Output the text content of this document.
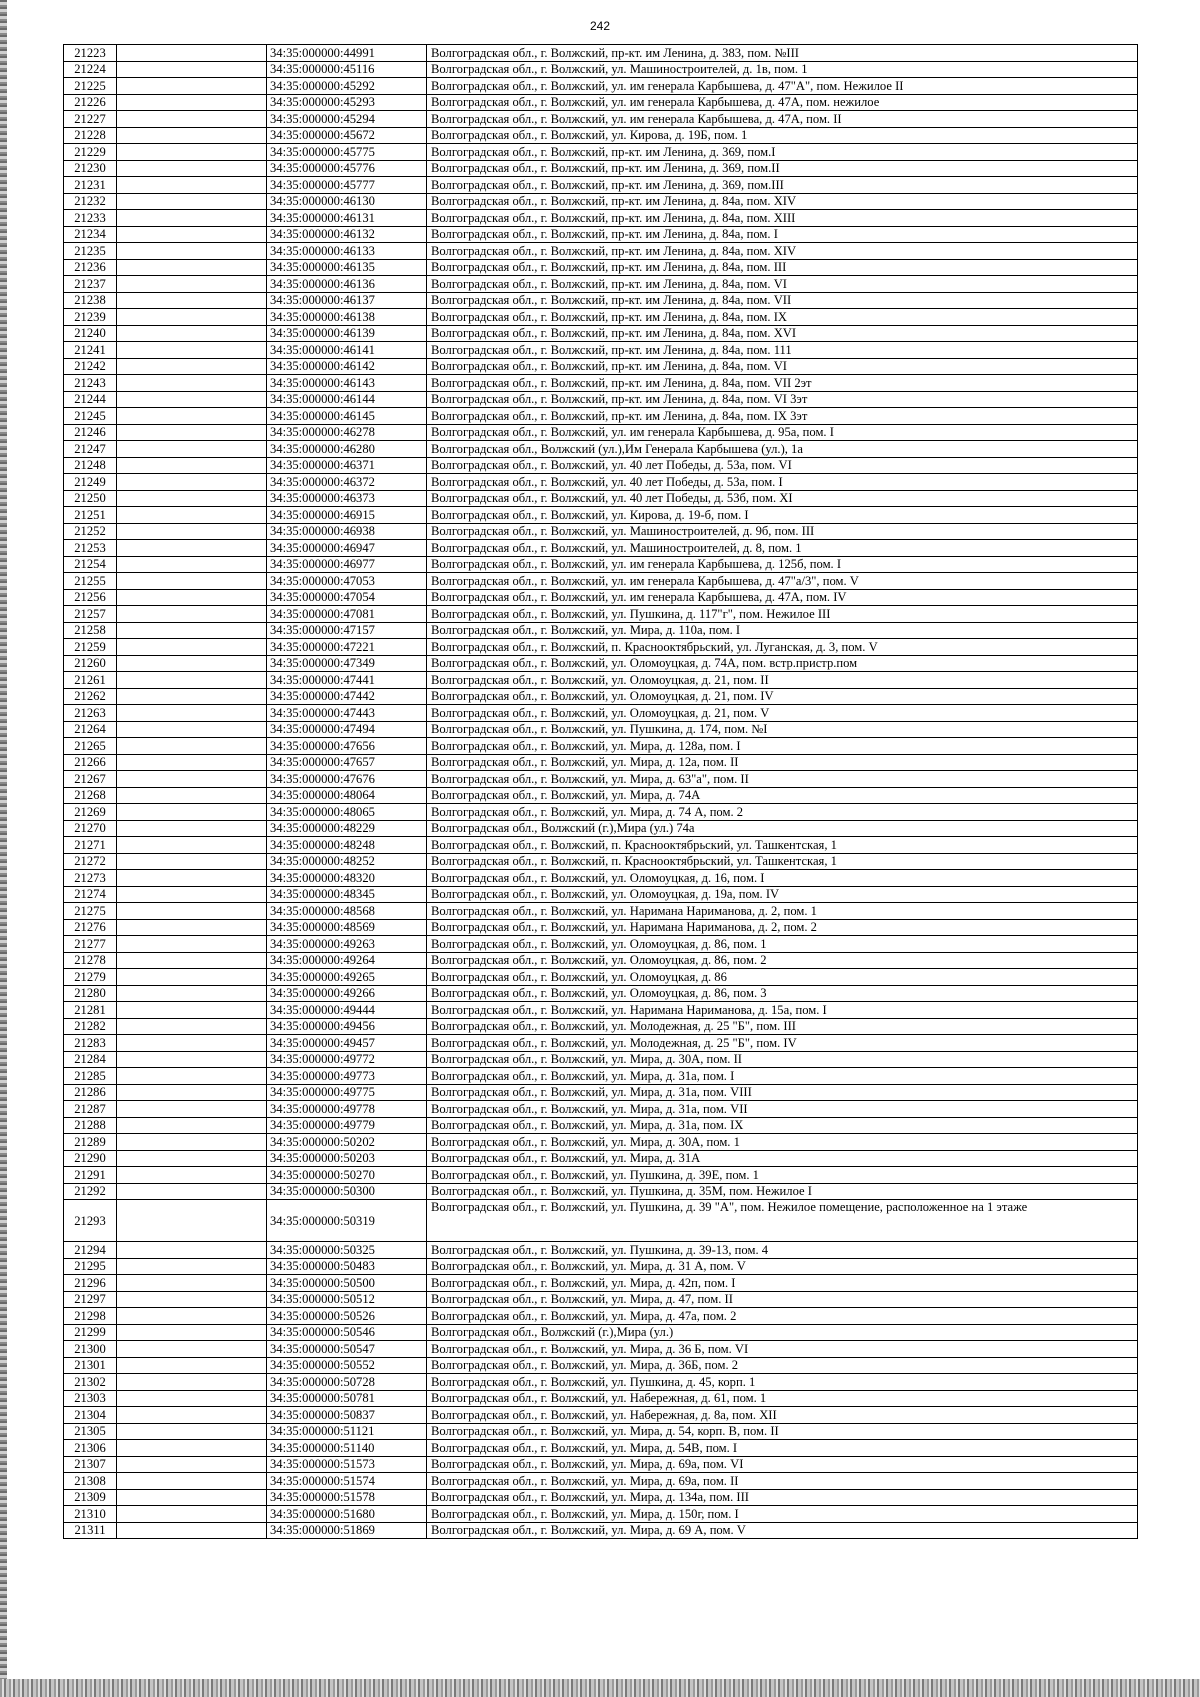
242
21223		34:35:000000:44991	Волгоградская обл., г. Волжский, пр-кт. им Ленина, д. 383, пом. №III
21224		34:35:000000:45116	Волгоградская обл., г. Волжский, ул. Машиностроителей, д. 1в, пом. 1
21225		34:35:000000:45292	Волгоградская обл., г. Волжский, ул. им генерала Карбышева, д. 47"А", пом. Нежилое II
21226		34:35:000000:45293	Волгоградская обл., г. Волжский, ул. им генерала Карбышева, д. 47А, пом. нежилое
21227		34:35:000000:45294	Волгоградская обл., г. Волжский, ул. им генерала Карбышева, д. 47А, пом. II
21228		34:35:000000:45672	Волгоградская обл., г. Волжский, ул. Кирова, д. 19Б, пом. 1
21229		34:35:000000:45775	Волгоградская обл., г. Волжский, пр-кт. им Ленина, д. 369, пом.I
21230		34:35:000000:45776	Волгоградская обл., г. Волжский, пр-кт. им Ленина, д. 369, пом.II
21231		34:35:000000:45777	Волгоградская обл., г. Волжский, пр-кт. им Ленина, д. 369, пом.III
21232		34:35:000000:46130	Волгоградская обл., г. Волжский, пр-кт. им Ленина, д. 84а, пом. XIV
21233		34:35:000000:46131	Волгоградская обл., г. Волжский, пр-кт. им Ленина, д. 84а, пом. XIII
21234		34:35:000000:46132	Волгоградская обл., г. Волжский, пр-кт. им Ленина, д. 84а, пом. I
21235		34:35:000000:46133	Волгоградская обл., г. Волжский, пр-кт. им Ленина, д. 84а, пом. XIV
21236		34:35:000000:46135	Волгоградская обл., г. Волжский, пр-кт. им Ленина, д. 84а, пом. III
21237		34:35:000000:46136	Волгоградская обл., г. Волжский, пр-кт. им Ленина, д. 84а, пом. VI
21238		34:35:000000:46137	Волгоградская обл., г. Волжский, пр-кт. им Ленина, д. 84а, пом. VII
21239		34:35:000000:46138	Волгоградская обл., г. Волжский, пр-кт. им Ленина, д. 84а, пом. IX
21240		34:35:000000:46139	Волгоградская обл., г. Волжский, пр-кт. им Ленина, д. 84а, пом. XVI
21241		34:35:000000:46141	Волгоградская обл., г. Волжский, пр-кт. им Ленина, д. 84а, пом. 111
21242		34:35:000000:46142	Волгоградская обл., г. Волжский, пр-кт. им Ленина, д. 84а, пом. VI
21243		34:35:000000:46143	Волгоградская обл., г. Волжский, пр-кт. им Ленина, д. 84а, пом. VII 2эт
21244		34:35:000000:46144	Волгоградская обл., г. Волжский, пр-кт. им Ленина, д. 84а, пом. VI 3эт
21245		34:35:000000:46145	Волгоградская обл., г. Волжский, пр-кт. им Ленина, д. 84а, пом. IX 3эт
21246		34:35:000000:46278	Волгоградская обл., г. Волжский, ул. им генерала Карбышева, д. 95а, пом. I
21247		34:35:000000:46280	Волгоградская обл., Волжский (ул.),Им Генерала Карбышева (ул.), 1а
21248		34:35:000000:46371	Волгоградская обл., г. Волжский, ул. 40 лет Победы, д. 53а, пом. VI
21249		34:35:000000:46372	Волгоградская обл., г. Волжский, ул. 40 лет Победы, д. 53а, пом. I
21250		34:35:000000:46373	Волгоградская обл., г. Волжский, ул. 40 лет Победы, д. 53б, пом. XI
21251		34:35:000000:46915	Волгоградская обл., г. Волжский, ул. Кирова, д. 19-б, пом. I
21252		34:35:000000:46938	Волгоградская обл., г. Волжский, ул. Машиностроителей, д. 9б, пом. III
21253		34:35:000000:46947	Волгоградская обл., г. Волжский, ул. Машиностроителей, д. 8, пом. 1
21254		34:35:000000:46977	Волгоградская обл., г. Волжский, ул. им генерала Карбышева, д. 125б, пом. I
21255		34:35:000000:47053	Волгоградская обл., г. Волжский, ул. им генерала Карбышева, д. 47"а/3", пом. V
21256		34:35:000000:47054	Волгоградская обл., г. Волжский, ул. им генерала Карбышева, д. 47А, пом. IV
21257		34:35:000000:47081	Волгоградская обл., г. Волжский, ул. Пушкина, д. 117"г", пом. Нежилое III
21258		34:35:000000:47157	Волгоградская обл., г. Волжский, ул. Мира, д. 110а, пом. I
21259		34:35:000000:47221	Волгоградская обл., г. Волжский, п. Краснооктябрьский, ул. Луганская, д. 3, пом. V
21260		34:35:000000:47349	Волгоградская обл., г. Волжский, ул. Оломоуцкая, д. 74А, пом. встр.пристр.пом
21261		34:35:000000:47441	Волгоградская обл., г. Волжский, ул. Оломоуцкая, д. 21, пом. II
21262		34:35:000000:47442	Волгоградская обл., г. Волжский, ул. Оломоуцкая, д. 21, пом. IV
21263		34:35:000000:47443	Волгоградская обл., г. Волжский, ул. Оломоуцкая, д. 21, пом. V
21264		34:35:000000:47494	Волгоградская обл., г. Волжский, ул. Пушкина, д. 174, пом. №I
21265		34:35:000000:47656	Волгоградская обл., г. Волжский, ул. Мира, д. 128а, пом. I
21266		34:35:000000:47657	Волгоградская обл., г. Волжский, ул. Мира, д. 12а, пом. II
21267		34:35:000000:47676	Волгоградская обл., г. Волжский, ул. Мира, д. 63"а", пом. II
21268		34:35:000000:48064	Волгоградская обл., г. Волжский, ул. Мира, д. 74А
21269		34:35:000000:48065	Волгоградская обл., г. Волжский, ул. Мира, д. 74 А, пом. 2
21270		34:35:000000:48229	Волгоградская обл., Волжский (г.),Мира (ул.) 74а
21271		34:35:000000:48248	Волгоградская обл., г. Волжский, п. Краснооктябрьский, ул. Ташкентская, 1
21272		34:35:000000:48252	Волгоградская обл., г. Волжский, п. Краснооктябрьский, ул. Ташкентская, 1
21273		34:35:000000:48320	Волгоградская обл., г. Волжский, ул. Оломоуцкая, д. 16, пом. I
21274		34:35:000000:48345	Волгоградская обл., г. Волжский, ул. Оломоуцкая, д. 19а, пом. IV
21275		34:35:000000:48568	Волгоградская обл., г. Волжский, ул. Наримана Нариманова, д. 2, пом. 1
21276		34:35:000000:48569	Волгоградская обл., г. Волжский, ул. Наримана Нариманова, д. 2, пом. 2
21277		34:35:000000:49263	Волгоградская обл., г. Волжский, ул. Оломоуцкая, д. 86, пом. 1
21278		34:35:000000:49264	Волгоградская обл., г. Волжский, ул. Оломоуцкая, д. 86, пом. 2
21279		34:35:000000:49265	Волгоградская обл., г. Волжский, ул. Оломоуцкая, д. 86
21280		34:35:000000:49266	Волгоградская обл., г. Волжский, ул. Оломоуцкая, д. 86, пом. 3
21281		34:35:000000:49444	Волгоградская обл., г. Волжский, ул. Наримана Нариманова, д. 15а, пом. I
21282		34:35:000000:49456	Волгоградская обл., г. Волжский, ул. Молодежная, д. 25 "Б", пом. III
21283		34:35:000000:49457	Волгоградская обл., г. Волжский, ул. Молодежная, д. 25 "Б", пом. IV
21284		34:35:000000:49772	Волгоградская обл., г. Волжский, ул. Мира, д. 30А, пом. II
21285		34:35:000000:49773	Волгоградская обл., г. Волжский, ул. Мира, д. 31а, пом. I
21286		34:35:000000:49775	Волгоградская обл., г. Волжский, ул. Мира, д. 31а, пом. VIII
21287		34:35:000000:49778	Волгоградская обл., г. Волжский, ул. Мира, д. 31а, пом. VII
21288		34:35:000000:49779	Волгоградская обл., г. Волжский, ул. Мира, д. 31а, пом. IX
21289		34:35:000000:50202	Волгоградская обл., г. Волжский, ул. Мира, д. 30А, пом. 1
21290		34:35:000000:50203	Волгоградская обл., г. Волжский, ул. Мира, д. 31А
21291		34:35:000000:50270	Волгоградская обл., г. Волжский, ул. Пушкина, д. 39Е, пом. 1
21292		34:35:000000:50300	Волгоградская обл., г. Волжский, ул. Пушкина, д. 35М, пом. Нежилое I
21293		34:35:000000:50319	Волгоградская обл., г. Волжский, ул. Пушкина, д. 39 "А", пом. Нежилое помещение, расположенное на 1 этаже
21294		34:35:000000:50325	Волгоградская обл., г. Волжский, ул. Пушкина, д. 39-13, пом. 4
21295		34:35:000000:50483	Волгоградская обл., г. Волжский, ул. Мира, д. 31 А, пом. V
21296		34:35:000000:50500	Волгоградская обл., г. Волжский, ул. Мира, д. 42п, пом. I
21297		34:35:000000:50512	Волгоградская обл., г. Волжский, ул. Мира, д. 47, пом. II
21298		34:35:000000:50526	Волгоградская обл., г. Волжский, ул. Мира, д. 47а, пом. 2
21299		34:35:000000:50546	Волгоградская обл., Волжский (г.),Мира (ул.)
21300		34:35:000000:50547	Волгоградская обл., г. Волжский, ул. Мира, д. 36 Б, пом. VI
21301		34:35:000000:50552	Волгоградская обл., г. Волжский, ул. Мира, д. 36Б, пом. 2
21302		34:35:000000:50728	Волгоградская обл., г. Волжский, ул. Пушкина, д. 45, корп. 1
21303		34:35:000000:50781	Волгоградская обл., г. Волжский, ул. Набережная, д. 61, пом. 1
21304		34:35:000000:50837	Волгоградская обл., г. Волжский, ул. Набережная, д. 8а, пом. XII
21305		34:35:000000:51121	Волгоградская обл., г. Волжский, ул. Мира, д. 54, корп. В, пом. II
21306		34:35:000000:51140	Волгоградская обл., г. Волжский, ул. Мира, д. 54В, пом. I
21307		34:35:000000:51573	Волгоградская обл., г. Волжский, ул. Мира, д. 69а, пом. VI
21308		34:35:000000:51574	Волгоградская обл., г. Волжский, ул. Мира, д. 69а, пом. II
21309		34:35:000000:51578	Волгоградская обл., г. Волжский, ул. Мира, д. 134а, пом. III
21310		34:35:000000:51680	Волгоградская обл., г. Волжский, ул. Мира, д. 150г, пом. I
21311		34:35:000000:51869	Волгоградская обл., г. Волжский, ул. Мира, д. 69 А, пом. V
